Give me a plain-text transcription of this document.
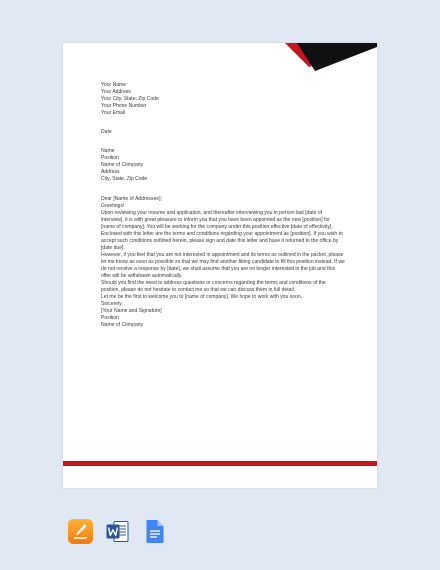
Your Name
Your Address
Your City, State, Zip Code
Your Phone Number
Your Email
Date
Name
Position
Name of Company
Address
City, State, Zip Code

Dear [Name of Addressee];

Greetings!

Upon reviewing your resume and application, and thereafter interviewing you in person last [date of interview], it is with great pleasure to inform you that you have been appointed as the new [position] for [name of company]. You will be working for the company under this position effective [date of effectivity].

Enclosed with this letter are the terms and conditions regarding your appointment as [position]. If you wish to accept such conditions outlined herein, please sign and date this letter and have it returned to the office by [date due].

However, if you feel that you are not interested in appointment and its terms as outlined in the packet, please let me know as soon as possible so that we may find another fitting candidate to fill this position instead. If we do not receive a response by [date], we shall assume that you are no longer interested in the job and this offer will be withdrawn automatically.

Should you find the need to address questions or concerns regarding the terms and conditions of the position, please do not hesitate to contact me so that we can discuss them in full detail.

Let me be the first to welcome you to [name of company]. We hope to work with you soon.

Sincerely,

[Your Name and Signature]
Position
Name of Company
